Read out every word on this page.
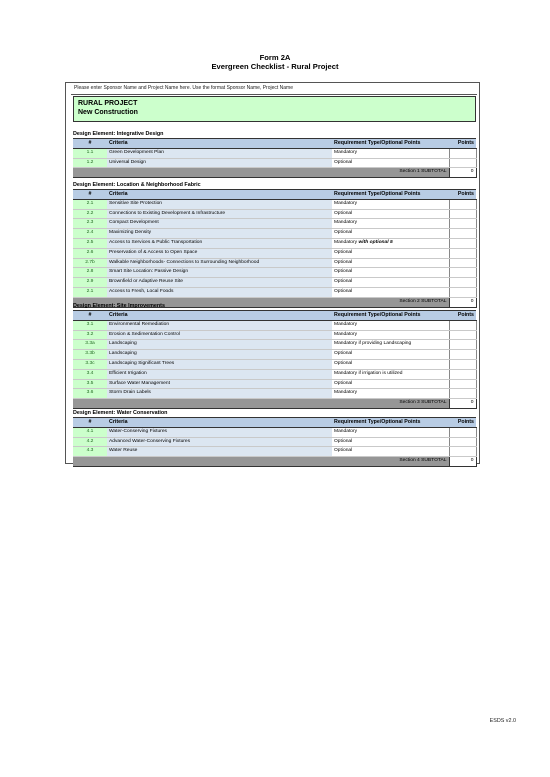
Form 2A
Evergreen Checklist - Rural Project
Please enter Sponsor Name and Project Name here. Use the format Sponsor Name, Project Name
RURAL PROJECT
New Construction
Design Element: Integrative Design
#	Criteria	Requirement Type/Optional Points	Points
1.1	Green Development Plan	Mandatory	
1.2	Universal Design	Optional	
Section 1 SUBTOTAL			0
Design Element: Location & Neighborhood Fabric
#	Criteria	Requirement Type/Optional Points	Points
2.1	Sensitive Site Protection	Mandatory	
2.2	Connections to Existing Development & Infrastructure	Optional	
2.3	Compact Development	Mandatory	
2.4	Maximizing Density	Optional	
2.5	Access to Services & Public Transportation	Mandatory with optional 5	
2.6	Preservation of & Access to Open Space	Optional	
2.7b	Walkable Neighborhoods- Connections to Surrounding Neighborhood	Optional	
2.8	Smart Site Location: Passive Design	Optional	
2.9	Brownfield or Adaptive Reuse Site	Optional	
2.1	Access to Fresh, Local Foods	Optional	
Section 2 SUBTOTAL			0
Design Element: Site Improvements
#	Criteria	Requirement Type/Optional Points	Points
3.1	Environmental Remediation	Mandatory	
3.2	Erosion & Sedimentation Control	Mandatory	
3.3a	Landscaping	Mandatory if providing Landscaping	
3.3b	Landscaping	Optional	
3.3c	Landscaping Significant Trees	Optional	
3.4	Efficient Irrigation	Mandatory if irrigation is utilized	
3.5	Surface Water Management	Optional	
3.6	Storm Drain Labels	Mandatory	
Section 3 SUBTOTAL			0
Design Element: Water Conservation
#	Criteria	Requirement Type/Optional Points	Points
4.1	Water-Conserving Fixtures	Mandatory	
4.2	Advanced Water-Conserving Fixtures	Optional	
4.3	Water Reuse	Optional	
Section 4 SUBTOTAL			0
ESDS v2.0
